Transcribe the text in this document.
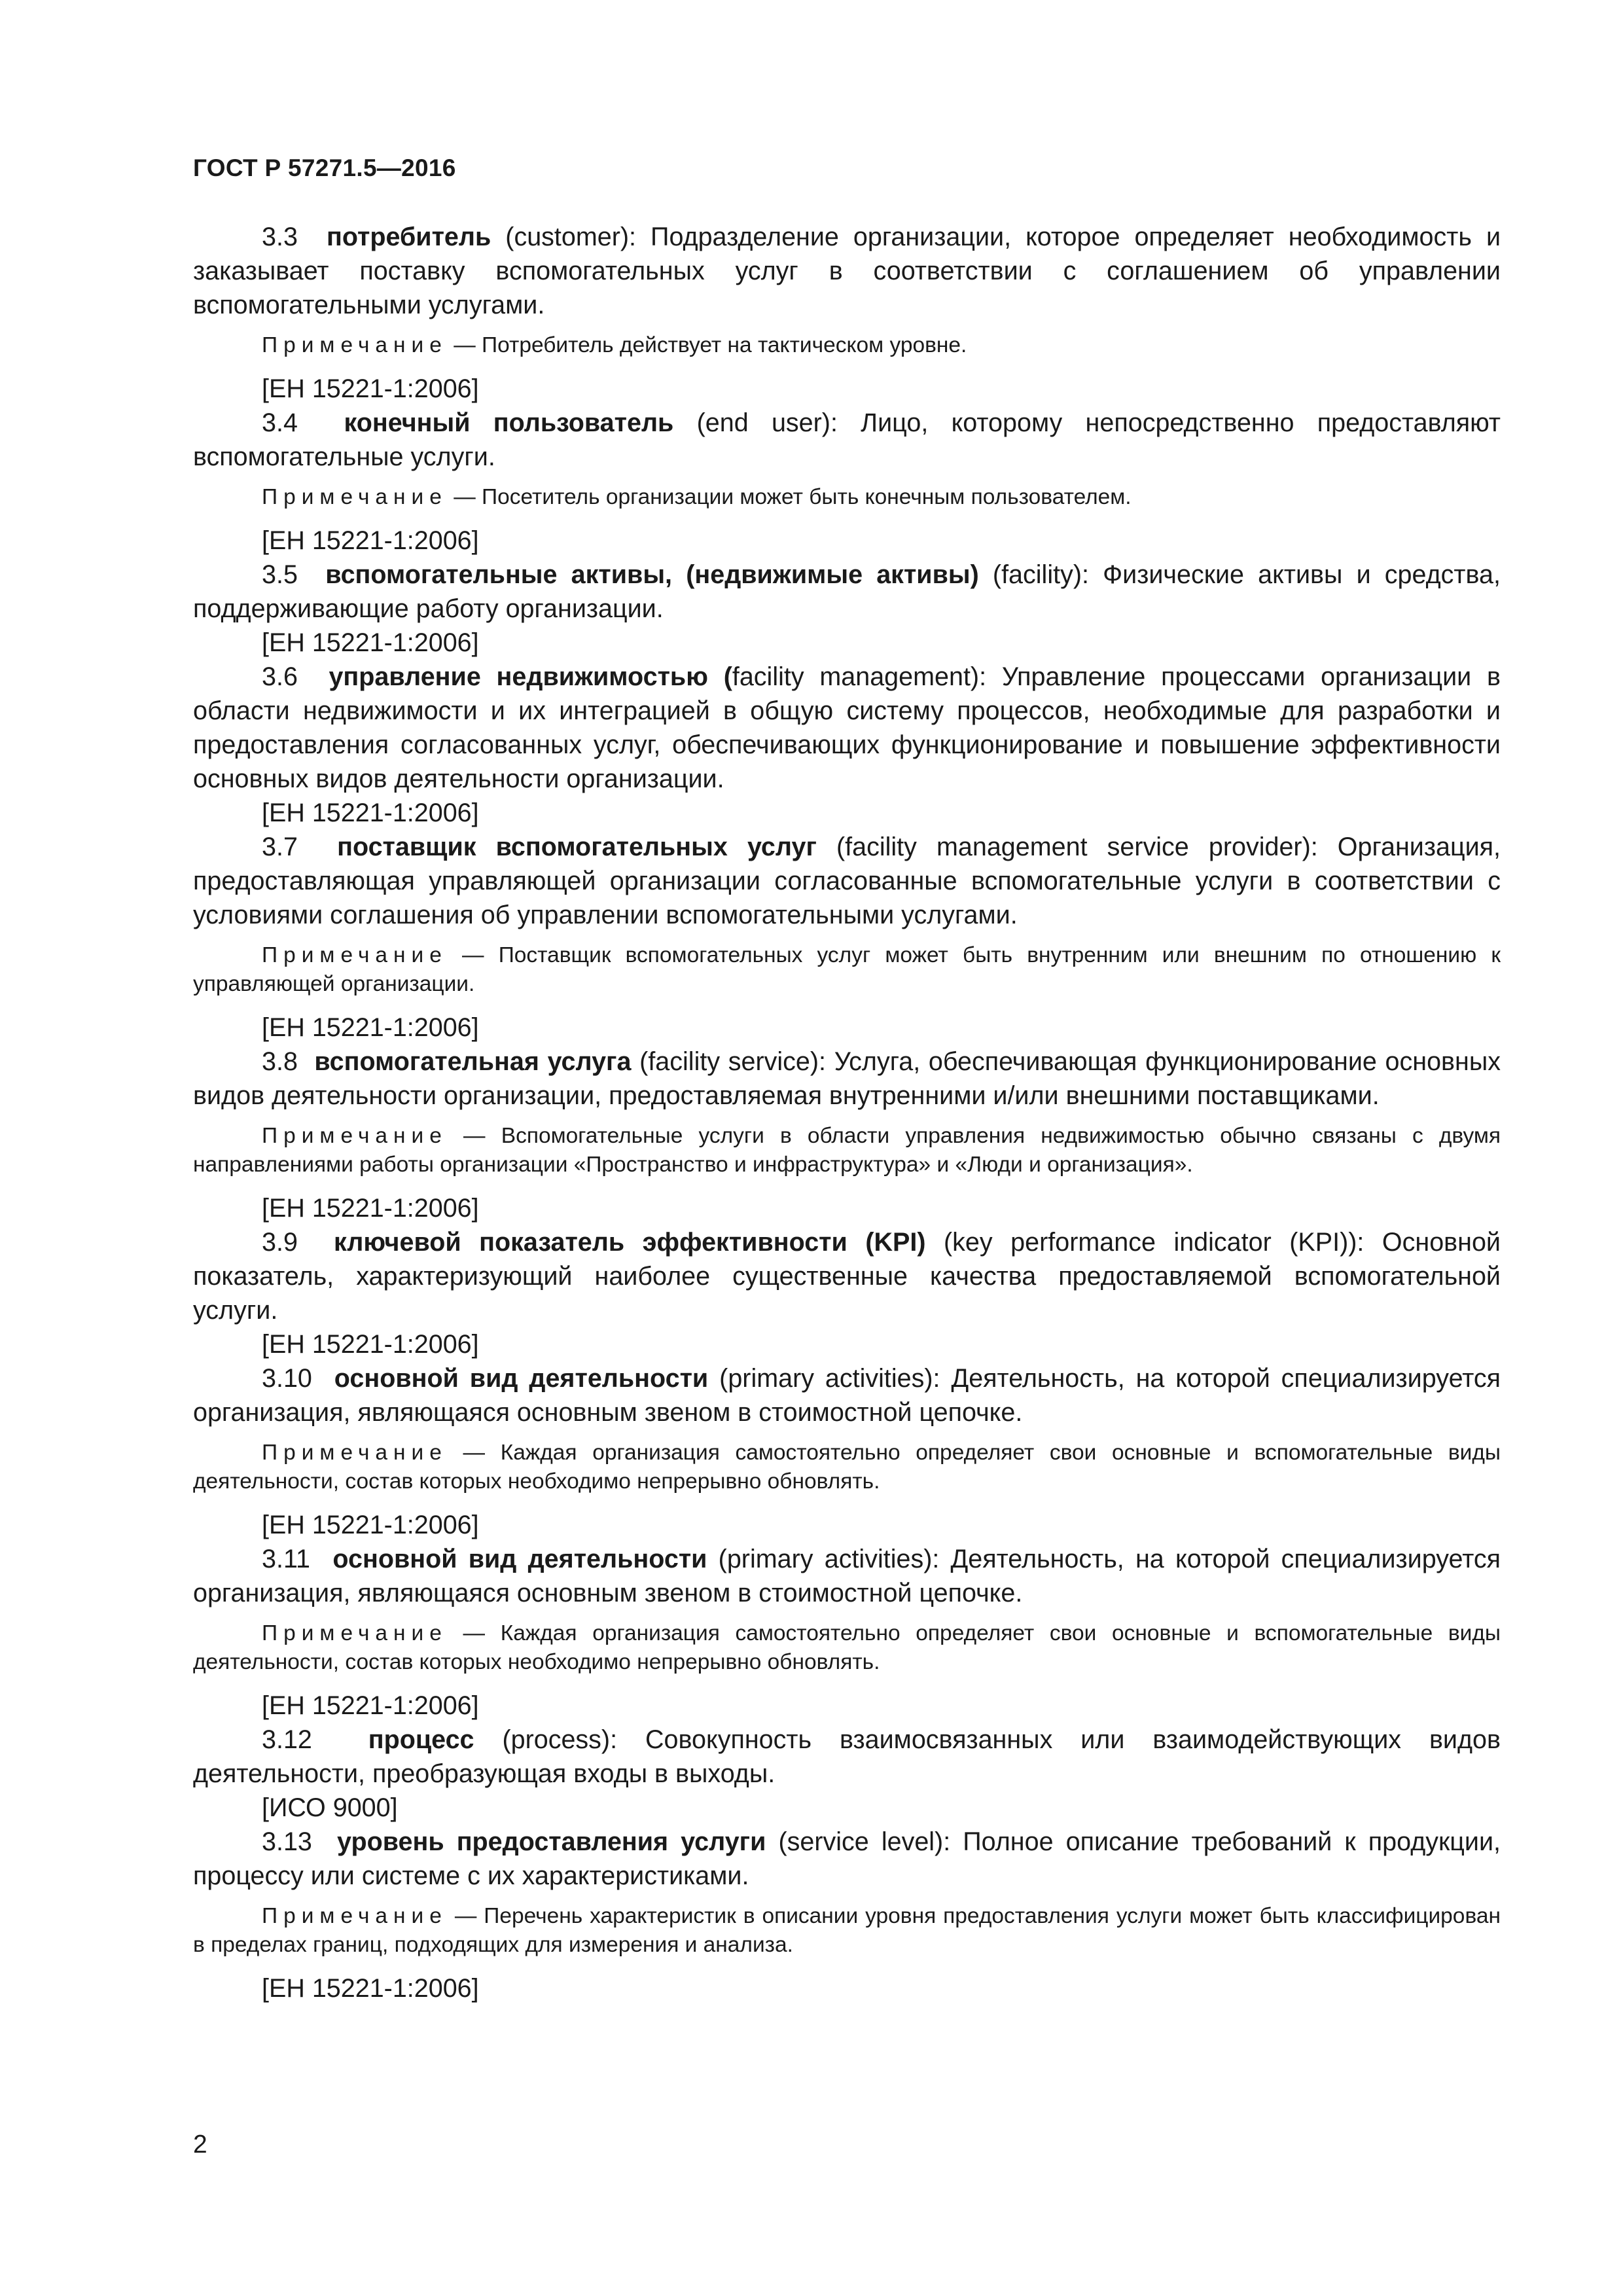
ГОСТ Р 57271.5—2016

3.3 потребитель (customer): Подразделение организации, которое определяет необходимость и заказывает поставку вспомогательных услуг в соответствии с соглашением об управлении вспомогательными услугами.

Примечание — Потребитель действует на тактическом уровне.

[ЕН 15221-1:2006]

3.4 конечный пользователь (end user): Лицо, которому непосредственно предоставляют вспомогательные услуги.

Примечание — Посетитель организации может быть конечным пользователем.

[ЕН 15221-1:2006]

3.5 вспомогательные активы, (недвижимые активы) (facility): Физические активы и средства, поддерживающие работу организации.

[ЕН 15221-1:2006]

3.6 управление недвижимостью (facility management): Управление процессами организации в области недвижимости и их интеграцией в общую систему процессов, необходимые для разработки и предоставления согласованных услуг, обеспечивающих функционирование и повышение эффективности основных видов деятельности организации.

[ЕН 15221-1:2006]

3.7 поставщик вспомогательных услуг (facility management service provider): Организация, предоставляющая управляющей организации согласованные вспомогательные услуги в соответствии с условиями соглашения об управлении вспомогательными услугами.

Примечание — Поставщик вспомогательных услуг может быть внутренним или внешним по отношению к управляющей организации.

[ЕН 15221-1:2006]

3.8 вспомогательная услуга (facility service): Услуга, обеспечивающая функционирование основных видов деятельности организации, предоставляемая внутренними и/или внешними поставщиками.

Примечание — Вспомогательные услуги в области управления недвижимостью обычно связаны с двумя направлениями работы организации «Пространство и инфраструктура» и «Люди и организация».

[ЕН 15221-1:2006]

3.9 ключевой показатель эффективности (KPI) (key performance indicator (KPI)): Основной показатель, характеризующий наиболее существенные качества предоставляемой вспомогательной услуги.

[ЕН 15221-1:2006]

3.10 основной вид деятельности (primary activities): Деятельность, на которой специализируется организация, являющаяся основным звеном в стоимостной цепочке.

Примечание — Каждая организация самостоятельно определяет свои основные и вспомогательные виды деятельности, состав которых необходимо непрерывно обновлять.

[ЕН 15221-1:2006]

3.11 основной вид деятельности (primary activities): Деятельность, на которой специализируется организация, являющаяся основным звеном в стоимостной цепочке.

Примечание — Каждая организация самостоятельно определяет свои основные и вспомогательные виды деятельности, состав которых необходимо непрерывно обновлять.

[ЕН 15221-1:2006]

3.12 процесс (process): Совокупность взаимосвязанных или взаимодействующих видов деятельности, преобразующая входы в выходы.

[ИСО 9000]

3.13 уровень предоставления услуги (service level): Полное описание требований к продукции, процессу или системе с их характеристиками.

Примечание — Перечень характеристик в описании уровня предоставления услуги может быть классифицирован в пределах границ, подходящих для измерения и анализа.

[ЕН 15221-1:2006]

2
